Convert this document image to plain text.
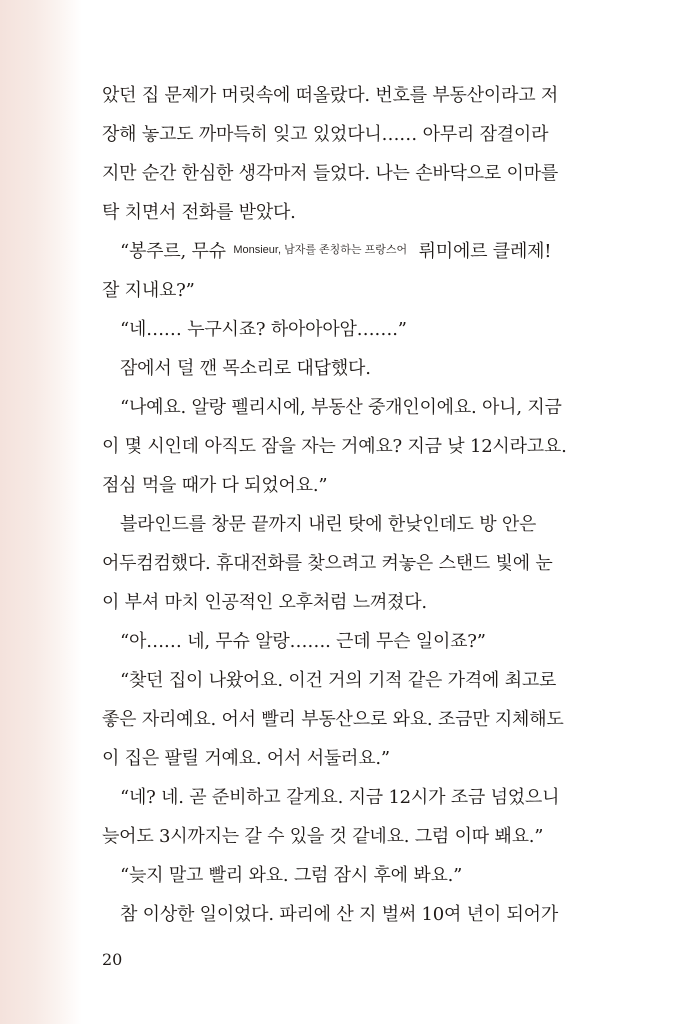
았던 집 문제가 머릿속에 떠올랐다. 번호를 부동산이라고 저
장해 놓고도 까마득히 잊고 있었다니…… 아무리 잠결이라
지만 순간 한심한 생각마저 들었다. 나는 손바닥으로 이마를
탁 치면서 전화를 받았다.
“봉주르, 무슈 $^{Monsieur, 남자를 존칭하는 프랑스어}$ 뤼미에르 클레제!
잘 지내요?”
“네…… 누구시죠? 하아아아암…….”
잠에서 덜 깬 목소리로 대답했다.
“나예요. 알랑 펠리시에, 부동산 중개인이에요. 아니, 지금
이 몇 시인데 아직도 잠을 자는 거예요? 지금 낮 12시라고요.
점심 먹을 때가 다 되었어요.”
블라인드를 창문 끝까지 내린 탓에 한낮인데도 방 안은
어두컴컴했다. 휴대전화를 찾으려고 켜놓은 스탠드 빛에 눈
이 부셔 마치 인공적인 오후처럼 느껴졌다.
“아…… 네, 무슈 알랑……. 근데 무슨 일이죠?”
“찾던 집이 나왔어요. 이건 거의 기적 같은 가격에 최고로
좋은 자리예요. 어서 빨리 부동산으로 와요. 조금만 지체해도
이 집은 팔릴 거예요. 어서 서둘러요.”
“네? 네. 곧 준비하고 갈게요. 지금 12시가 조금 넘었으니
늦어도 3시까지는 갈 수 있을 것 같네요. 그럼 이따 봬요.”
“늦지 말고 빨리 와요. 그럼 잠시 후에 봐요.”
참 이상한 일이었다. 파리에 산 지 벌써 10여 년이 되어가
20
